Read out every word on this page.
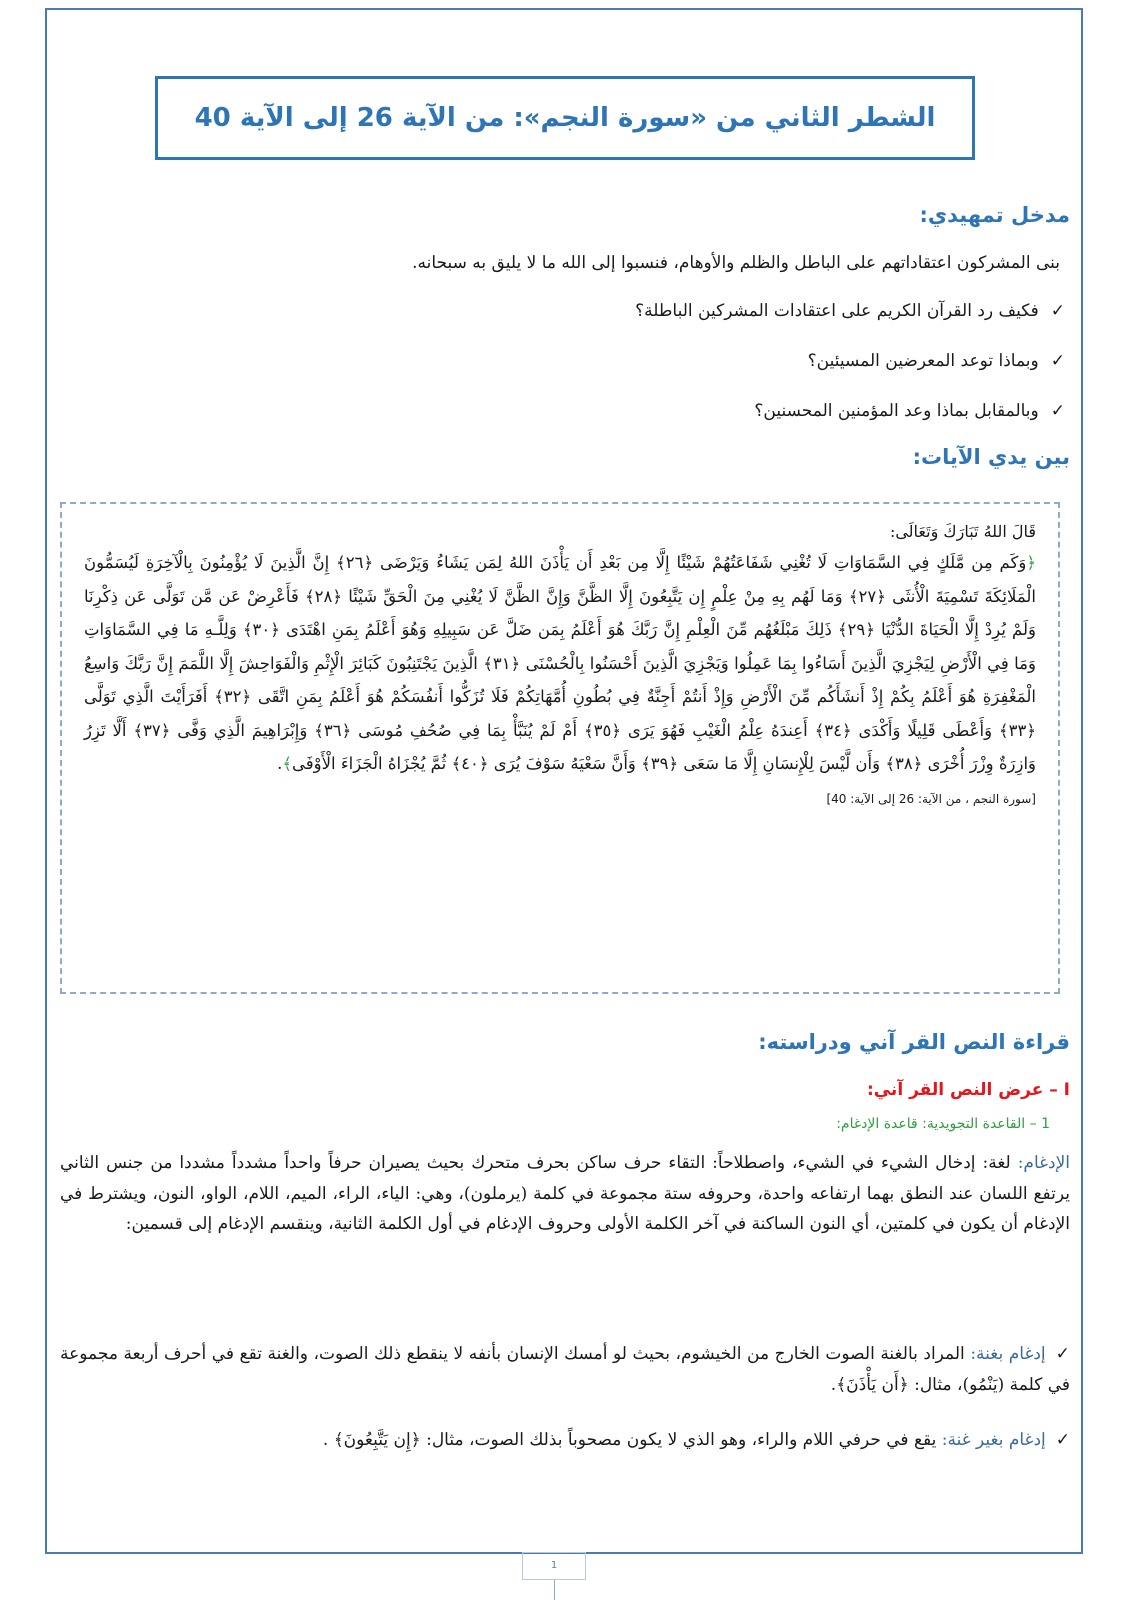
الشطر الثاني من «سورة النجم»: من الآية 26 إلى الآية 40
مدخل تمهيدي:
بنى المشركون اعتقاداتهم على الباطل والظلم والأوهام، فنسبوا إلى الله ما لا يليق به سبحانه.
✓فكيف رد القرآن الكريم على اعتقادات المشركين الباطلة؟
✓وبماذا توعد المعرضين المسيئين؟
✓وبالمقابل بماذا وعد المؤمنين المحسنين؟
بين يدي الآيات:
قَالَ اللهُ تَبَارَكَ وَتَعَالَى:
﴿وَكَم مِن مَّلَكٍ فِي السَّمَاوَاتِ لَا تُغْنِي شَفَاعَتُهُمْ شَيْئًا إِلَّا مِن بَعْدِ أَن يَأْذَنَ اللهُ لِمَن يَشَاءُ وَيَرْضَى ﴿٢٦﴾ إِنَّ الَّذِينَ لَا يُؤْمِنُونَ بِالْآخِرَةِ لَيُسَمُّونَ الْمَلَائِكَةَ تَسْمِيَةَ الْأُنثَى ﴿٢٧﴾ وَمَا لَهُم بِهِ مِنْ عِلْمٍ إِن يَتَّبِعُونَ إِلَّا الظَّنَّ وَإِنَّ الظَّنَّ لَا يُغْنِي مِنَ الْحَقِّ شَيْئًا ﴿٢٨﴾ فَأَعْرِضْ عَن مَّن تَوَلَّى عَن ذِكْرِنَا وَلَمْ يُرِدْ إِلَّا الْحَيَاةَ الدُّنْيَا ﴿٢٩﴾ ذَلِكَ مَبْلَغُهُم مِّنَ الْعِلْمِ إِنَّ رَبَّكَ هُوَ أَعْلَمُ بِمَن ضَلَّ عَن سَبِيلِهِ وَهُوَ أَعْلَمُ بِمَنِ اهْتَدَى ﴿٣٠﴾ وَلِلَّـهِ مَا فِي السَّمَاوَاتِ وَمَا فِي الْأَرْضِ لِيَجْزِيَ الَّذِينَ أَسَاءُوا بِمَا عَمِلُوا وَيَجْزِيَ الَّذِينَ أَحْسَنُوا بِالْحُسْنَى ﴿٣١﴾ الَّذِينَ يَجْتَنِبُونَ كَبَائِرَ الْإِثْمِ وَالْفَوَاحِشَ إِلَّا اللَّمَمَ إِنَّ رَبَّكَ وَاسِعُ الْمَغْفِرَةِ هُوَ أَعْلَمُ بِكُمْ إِذْ أَنشَأَكُم مِّنَ الْأَرْضِ وَإِذْ أَنتُمْ أَجِنَّةٌ فِي بُطُونِ أُمَّهَاتِكُمْ فَلَا تُزَكُّوا أَنفُسَكُمْ هُوَ أَعْلَمُ بِمَنِ اتَّقَى ﴿٣٢﴾ أَفَرَأَيْتَ الَّذِي تَوَلَّى ﴿٣٣﴾ وَأَعْطَى قَلِيلًا وَأَكْدَى ﴿٣٤﴾ أَعِندَهُ عِلْمُ الْغَيْبِ فَهُوَ يَرَى ﴿٣٥﴾ أَمْ لَمْ يُنَبَّأْ بِمَا فِي صُحُفِ مُوسَى ﴿٣٦﴾ وَإِبْرَاهِيمَ الَّذِي وَفَّى ﴿٣٧﴾ أَلَّا تَزِرُ وَازِرَةٌ وِزْرَ أُخْرَى ﴿٣٨﴾ وَأَن لَّيْسَ لِلْإِنسَانِ إِلَّا مَا سَعَى ﴿٣٩﴾ وَأَنَّ سَعْيَهُ سَوْفَ يُرَى ﴿٤٠﴾ ثُمَّ يُجْزَاهُ الْجَزَاءَ الْأَوْفَى﴾.
[سورة النجم ، من الآية: 26 إلى الآية: 40]
قراءة النص القر آني ودراسته:
I – عرض النص القر آني:
1 – القاعدة التجويدية: قاعدة الإدغام:
الإدغام: لغة: إدخال الشيء في الشيء، واصطلاحاً: التقاء حرف ساكن بحرف متحرك بحيث يصيران حرفاً واحداً مشدداً مشددا من جنس الثاني يرتفع اللسان عند النطق بهما ارتفاعه واحدة، وحروفه ستة مجموعة في كلمة (يرملون)، وهي: الياء، الراء، الميم، اللام، الواو، النون، ويشترط في الإدغام أن يكون في كلمتين، أي النون الساكنة في آخر الكلمة الأولى وحروف الإدغام في أول الكلمة الثانية، وينقسم الإدغام إلى قسمين:
✓إدغام بغنة: المراد بالغنة الصوت الخارج من الخيشوم، بحيث لو أمسك الإنسان بأنفه لا ينقطع ذلك الصوت، والغنة تقع في أحرف أربعة مجموعة في كلمة (يَنْمُو)، مثال: ﴿أَن يَأْذَنَ﴾.
✓إدغام بغير غنة: يقع في حرفي اللام والراء، وهو الذي لا يكون مصحوباً بذلك الصوت، مثال: ﴿إِن يَتَّبِعُونَ﴾ .
1
